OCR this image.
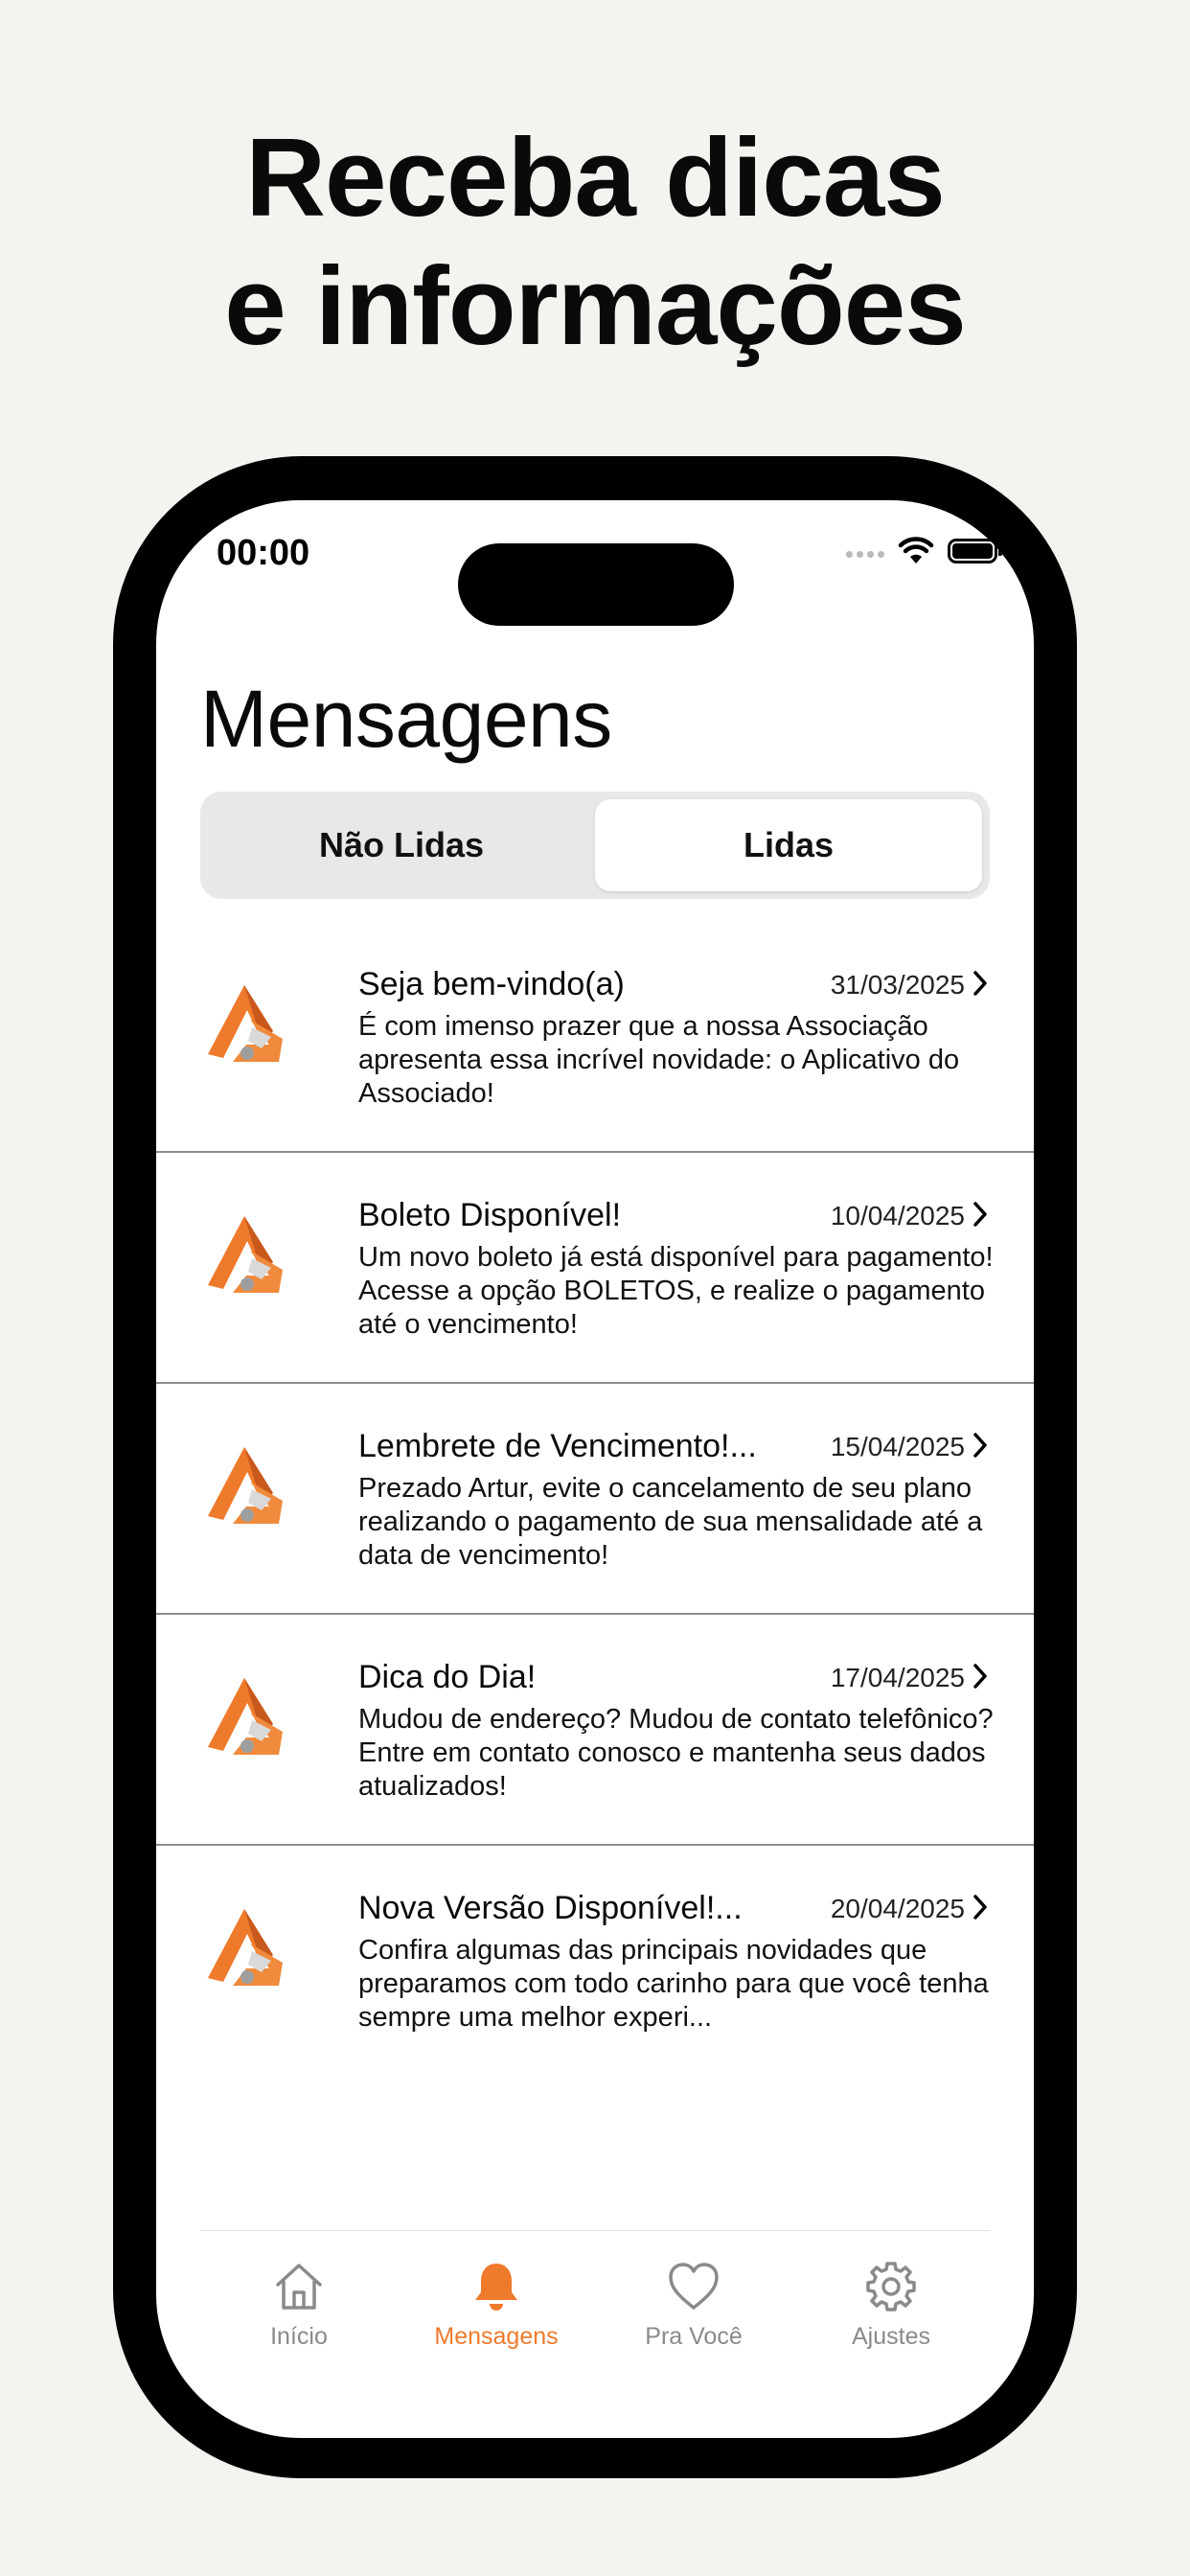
Receba dicas
e informações
00:00
Mensagens
Não Lidas	Lidas
Seja bem-vindo(a)	31/03/2025
É com imenso prazer que a nossa Associação apresenta essa incrível novidade: o Aplicativo do Associado!
Boleto Disponível!	10/04/2025
Um novo boleto já está disponível para pagamento! Acesse a opção BOLETOS, e realize o pagamento até o vencimento!
Lembrete de Vencimento!...	15/04/2025
Prezado Artur, evite o cancelamento de seu plano realizando o pagamento de sua mensalidade até a data de vencimento!
Dica do Dia!	17/04/2025
Mudou de endereço? Mudou de contato telefônico? Entre em contato conosco e mantenha seus dados atualizados!
Nova Versão Disponível!...	20/04/2025
Confira algumas das principais novidades que preparamos com todo carinho para que você tenha sempre uma melhor experi...
Início	Mensagens	Pra Você	Ajustes
